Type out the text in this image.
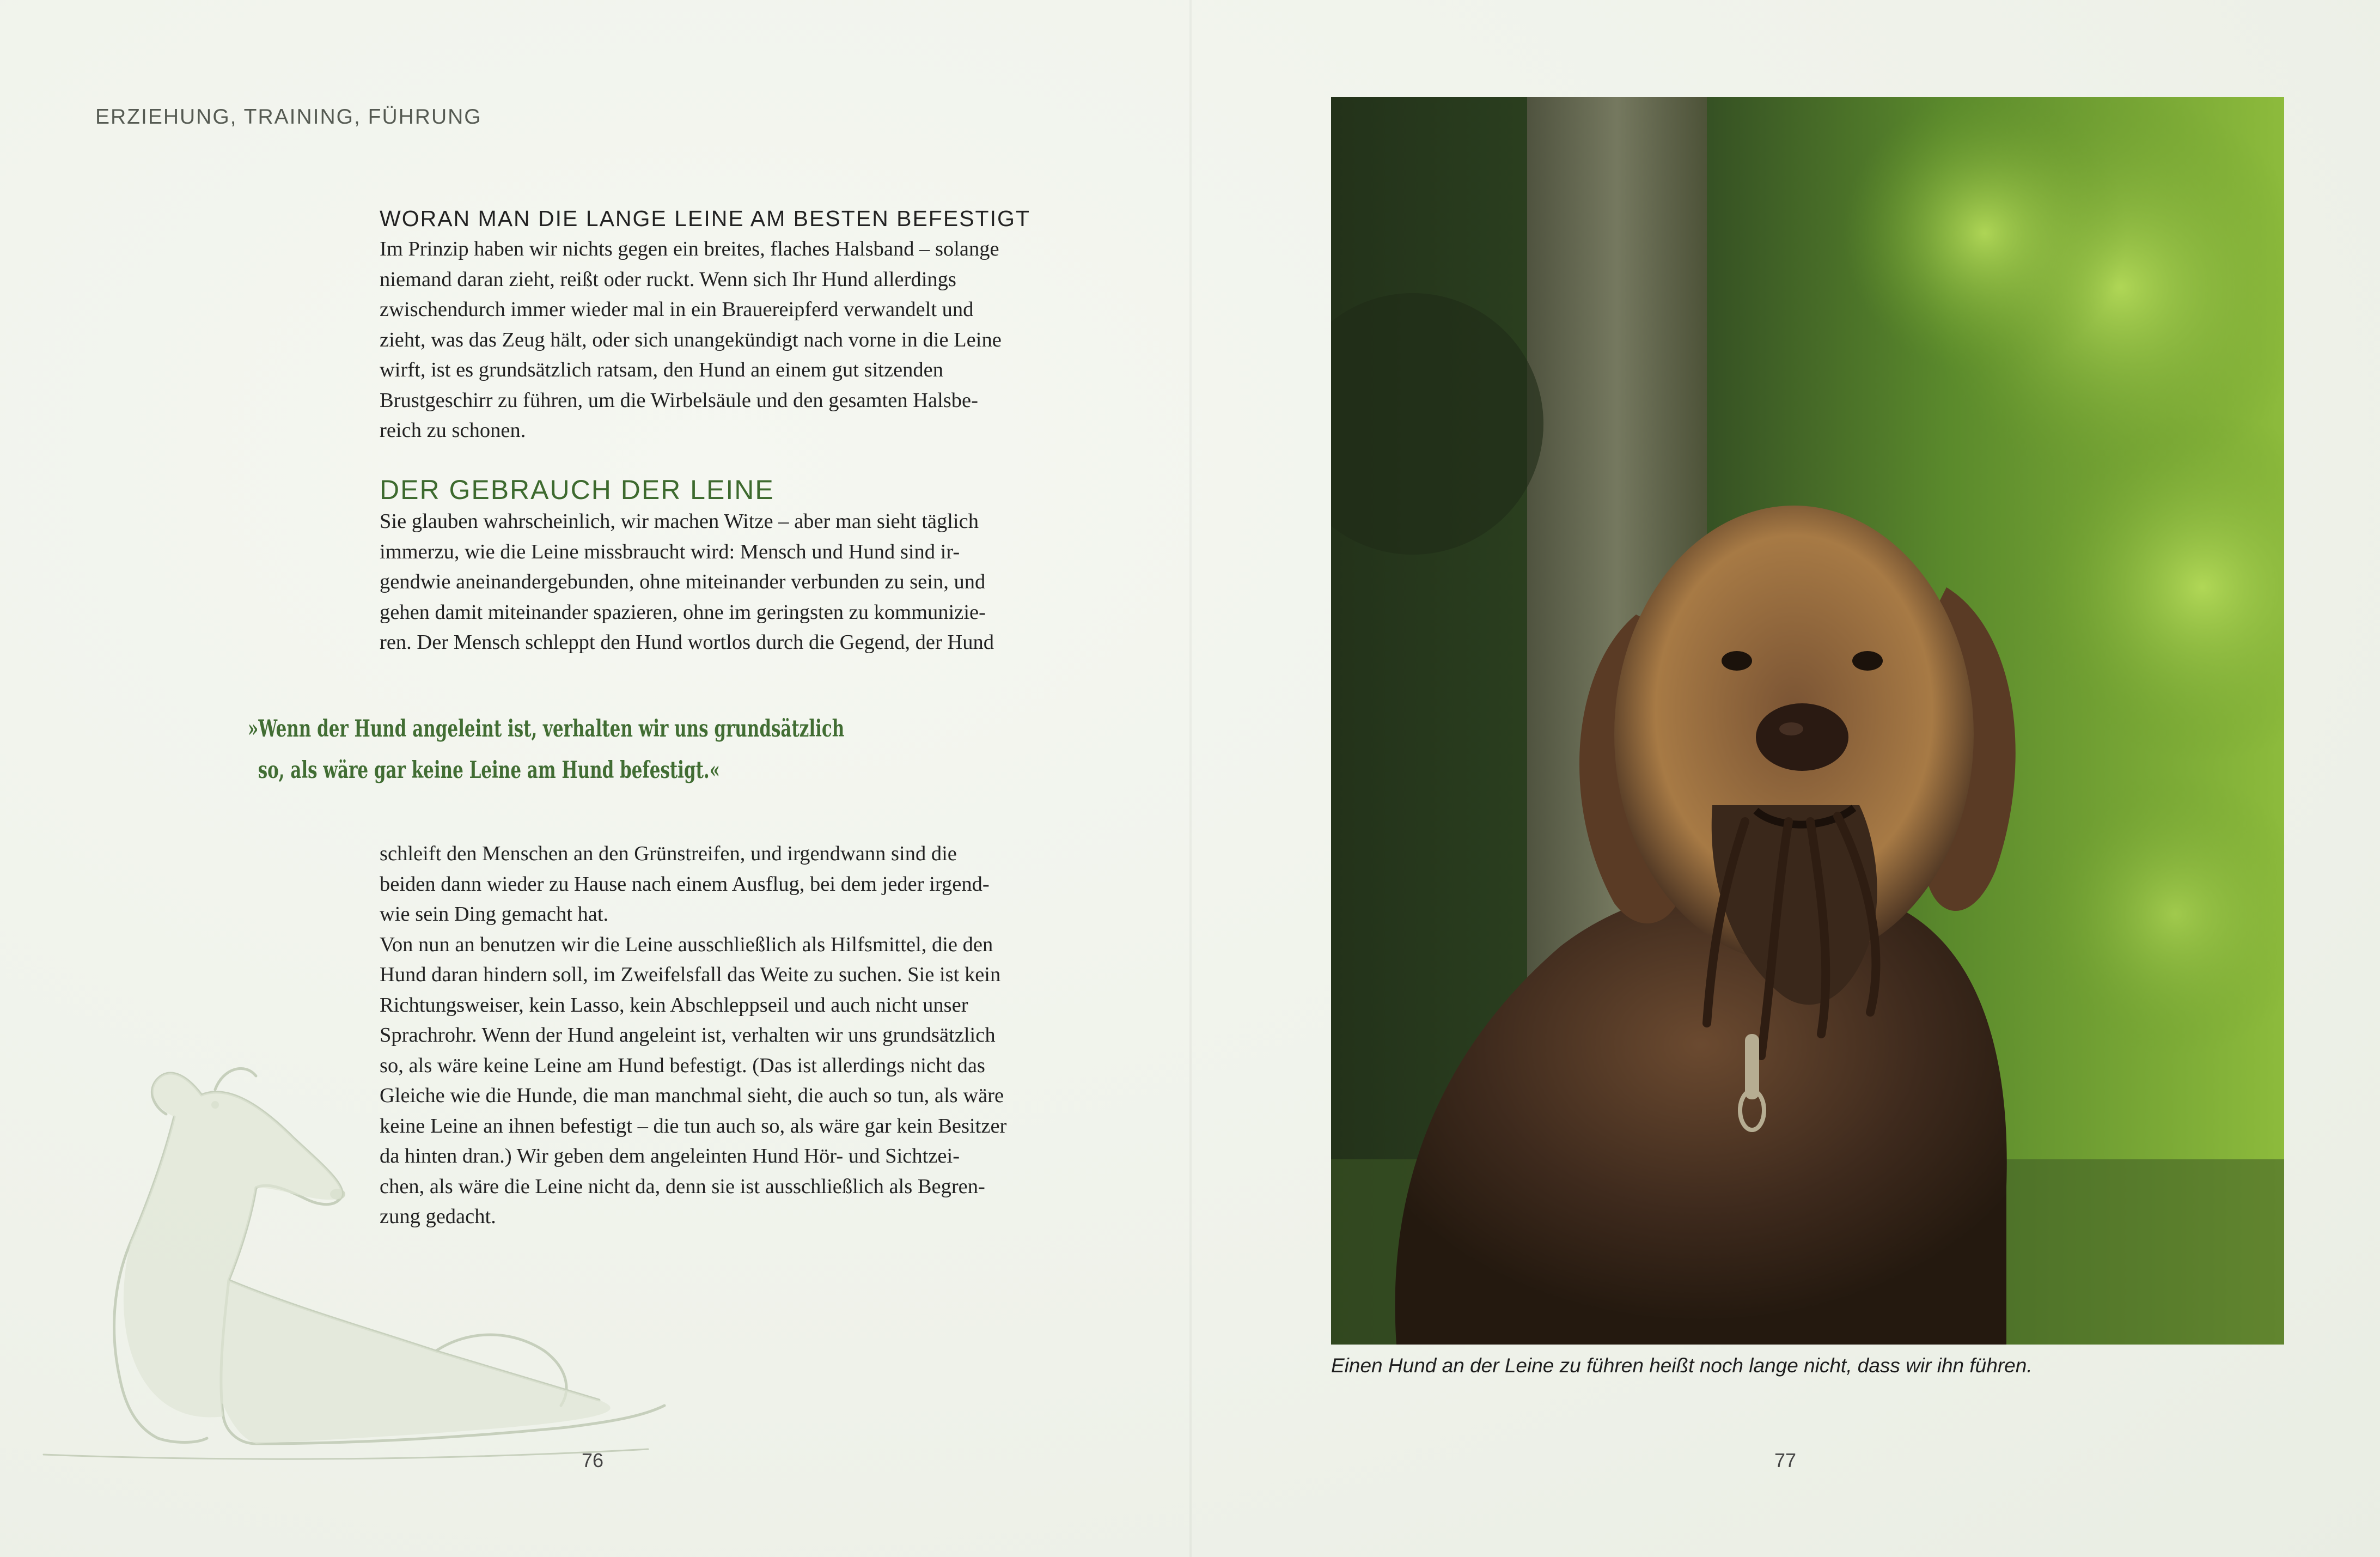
ERZIEHUNG, TRAINING, FÜHRUNG
WORAN MAN DIE LANGE LEINE AM BESTEN BEFESTIGT

Im Prinzip haben wir nichts gegen ein breites, flaches Halsband – solange
niemand daran zieht, reißt oder ruckt. Wenn sich Ihr Hund allerdings
zwischendurch immer wieder mal in ein Brauereipferd verwandelt und
zieht, was das Zeug hält, oder sich unangekündigt nach vorne in die Leine
wirft, ist es grundsätzlich ratsam, den Hund an einem gut sitzenden
Brustgeschirr zu führen, um die Wirbelsäule und den gesamten Halsbe-
reich zu schonen.

DER GEBRAUCH DER LEINE

Sie glauben wahrscheinlich, wir machen Witze – aber man sieht täglich
immerzu, wie die Leine missbraucht wird: Mensch und Hund sind ir-
gendwie aneinandergebunden, ohne miteinander verbunden zu sein, und
gehen damit miteinander spazieren, ohne im geringsten zu kommunizie-
ren. Der Mensch schleppt den Hund wortlos durch die Gegend, der Hund

»Wenn der Hund angeleint ist, verhalten wir uns grundsätzlich
so, als wäre gar keine Leine am Hund befestigt.«

schleift den Menschen an den Grünstreifen, und irgendwann sind die
beiden dann wieder zu Hause nach einem Ausflug, bei dem jeder irgend-
wie sein Ding gemacht hat.
Von nun an benutzen wir die Leine ausschließlich als Hilfsmittel, die den
Hund daran hindern soll, im Zweifelsfall das Weite zu suchen. Sie ist kein
Richtungsweiser, kein Lasso, kein Abschleppseil und auch nicht unser
Sprachrohr. Wenn der Hund angeleint ist, verhalten wir uns grundsätzlich
so, als wäre keine Leine am Hund befestigt. (Das ist allerdings nicht das
Gleiche wie die Hunde, die man manchmal sieht, die auch so tun, als wäre
keine Leine an ihnen befestigt – die tun auch so, als wäre gar kein Besitzer
da hinten dran.) Wir geben dem angeleinten Hund Hör- und Sichtzei-
chen, als wäre die Leine nicht da, denn sie ist ausschließlich als Begren-
zung gedacht.

76
Einen Hund an der Leine zu führen heißt noch lange nicht, dass wir ihn führen.
77
